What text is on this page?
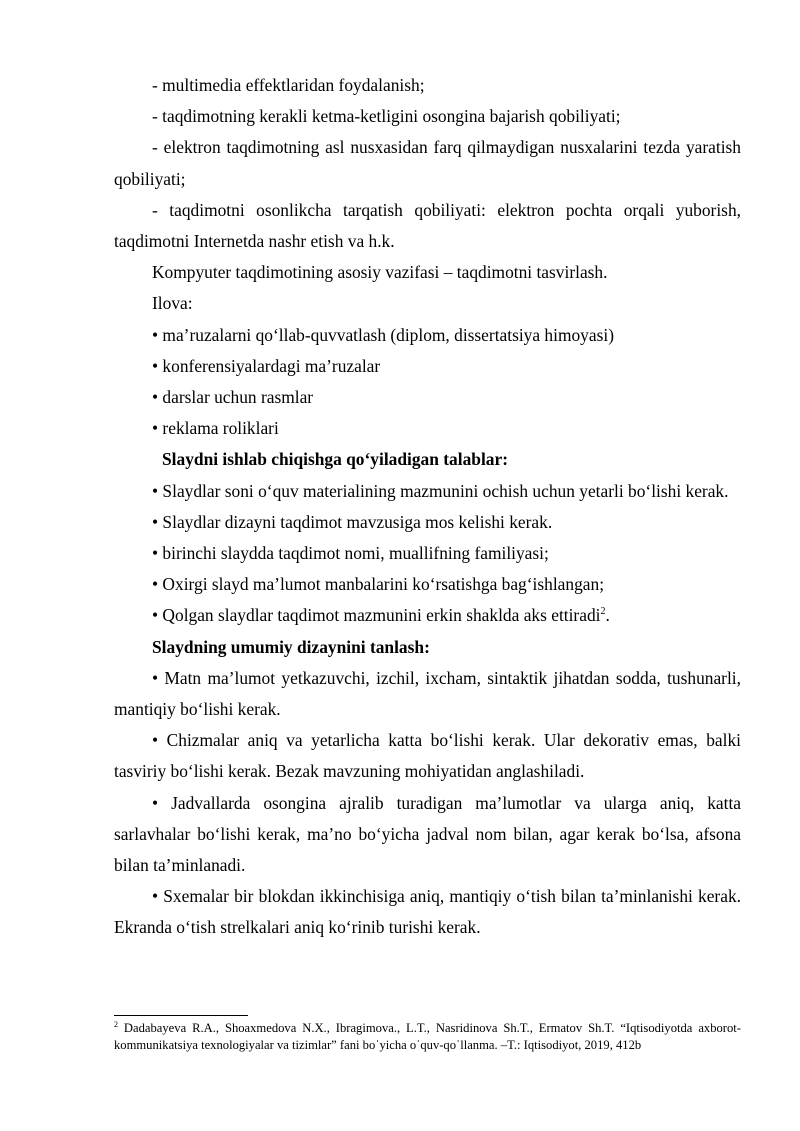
- multimedia effektlaridan foydalanish;

- taqdimotning kerakli ketma-ketligini osongina bajarish qobiliyati;

- elektron taqdimotning asl nusxasidan farq qilmaydigan nusxalarini tezda yaratish qobiliyati;

- taqdimotni osonlikcha tarqatish qobiliyati: elektron pochta orqali yuborish, taqdimotni Internetda nashr etish va h.k.

Kompyuter taqdimotining asosiy vazifasi – taqdimotni tasvirlash.

Ilova:

• ma’ruzalarni qo‘llab-quvvatlash (diplom, dissertatsiya himoyasi)

• konferensiyalardagi ma’ruzalar

• darslar uchun rasmlar

• reklama roliklari

Slaydni ishlab chiqishga qo‘yiladigan talablar:

• Slaydlar soni o‘quv materialining mazmunini ochish uchun yetarli bo‘lishi kerak.

• Slaydlar dizayni taqdimot mavzusiga mos kelishi kerak.

• birinchi slaydda taqdimot nomi, muallifning familiyasi;

• Oxirgi slayd ma’lumot manbalarini ko‘rsatishga bag‘ishlangan;

• Qolgan slaydlar taqdimot mazmunini erkin shaklda aks ettiradi$^2$.

Slaydning umumiy dizaynini tanlash:

• Matn ma’lumot yetkazuvchi, izchil, ixcham, sintaktik jihatdan sodda, tushunarli, mantiqiy bo‘lishi kerak.

• Chizmalar aniq va yetarlicha katta bo‘lishi kerak. Ular dekorativ emas, balki tasviriy bo‘lishi kerak. Bezak mavzuning mohiyatidan anglashiladi.

• Jadvallarda osongina ajralib turadigan ma’lumotlar va ularga aniq, katta sarlavhalar bo‘lishi kerak, ma’no bo‘yicha jadval nom bilan, agar kerak bo‘lsa, afsona bilan ta’minlanadi.

• Sxemalar bir blokdan ikkinchisiga aniq, mantiqiy o‘tish bilan ta’minlanishi kerak. Ekranda o‘tish strelkalari aniq ko‘rinib turishi kerak.

$^2$ Dadabayeva R.A., Shoaxmedova N.X., Ibragimova., L.T., Nasridinova Sh.T., Ermatov Sh.T. “Iqtisodiyotda axborot-kommunikatsiya texnologiyalar va tizimlar” fani boˈyicha oˈquv-qoˈllanma. –T.: Iqtisodiyot, 2019, 412b
